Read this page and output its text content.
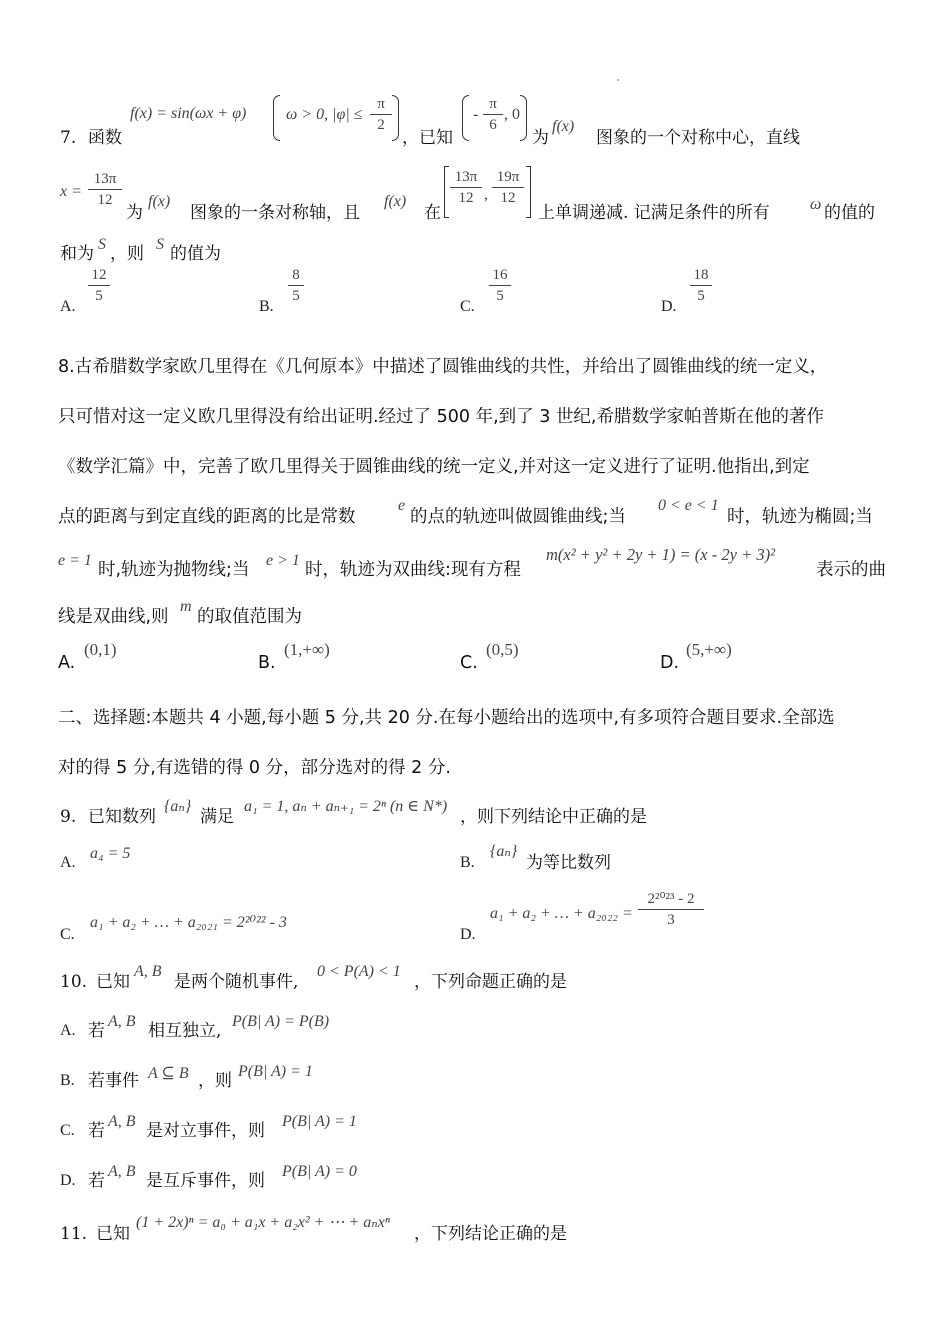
7. 函数
f(x) = sin(ωx + φ) ω > 0, |φ| ≤
π
2
，已知
-
π
6
, 0
为
f(x)
图象的一个对称中心，直线
x =
13π
12
为
f(x)
图象的一条对称轴，且
f(x)
在
13π
12 ,
19π
12
上单调递减. 记满足条件的所有	ω 的值的
和为 S ，则 S 的值为
A.
12
5
B.
8
5
C.
16
5
D.
18
5
8.古希腊数学家欧几里得在《几何原本》中描述了圆锥曲线的共性，并给出了圆锥曲线的统一定义，
只可惜对这一定义欧几里得没有给出证明.经过了 500 年,到了 3 世纪,希腊数学家帕普斯在他的著作
《数学汇篇》中，完善了欧几里得关于圆锥曲线的统一定义,并对这一定义进行了证明.他指出,到定
点的距离与到定直线的距离的比是常数
e
的点的轨迹叫做圆锥曲线;当
0 < e < 1
时，轨迹为椭圆;当
e = 1 时,轨迹为抛物线;当 e > 1 时，轨迹为双曲线:现有方程
m(x² + y² + 2y + 1) = (x - 2y + 3)²
表示的曲
线是双曲线,则
m
的取值范围为
A.
(0,1)
B.
(1,+∞)
C.
(0,5)
D.
(5,+∞)
二、选择题:本题共 4 小题,每小题 5 分,共 20 分.在每小题给出的选项中,有多项符合题目要求.全部选
对的得 5 分,有选错的得 0 分，部分选对的得 2 分.
9. 已知数列
{aₙ}
满足
a₁ = 1, aₙ + aₙ₊₁ = 2ⁿ (n ∈ N*)
，则下列结论中正确的是
A.
a₄ = 5
B.
{aₙ}
为等比数列
C.
a₁ + a₂ + … + a₂₀₂₁ = 2²⁰²² - 3
D.
a₁ + a₂ + … + a₂₀₂₂ =
2²⁰²³ - 2
3
10. 已知
A, B
是两个随机事件,
0 < P(A) < 1
，下列命题正确的是
A. 若 A, B 相互独立, P(B| A) = P(B)
B. 若事件 A ⊆ B ，则 P(B| A) = 1
C. 若 A, B 是对立事件，则 P(B| A) = 1
D. 若 A, B 是互斥事件，则 P(B| A) = 0
11. 已知
(1 + 2x)ⁿ = a₀ + a₁x + a₂x² + ⋯ + aₙxⁿ
，下列结论正确的是
